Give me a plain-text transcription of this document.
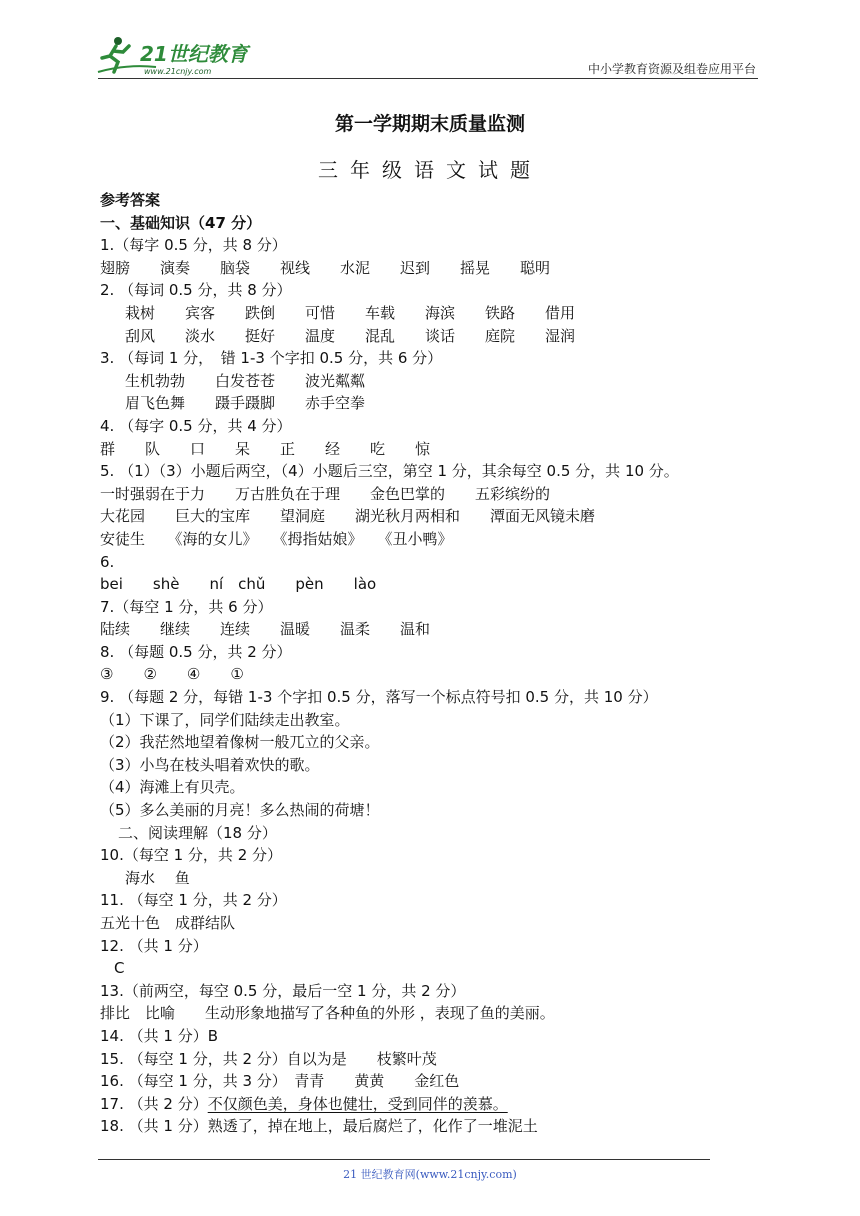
21世纪教育
www.21cnjy.com	中小学教育资源及组卷应用平台
第一学期期末质量监测
三年级语文试题
参考答案
一、基础知识（47 分）
1.（每字 0.5 分，共 8 分）
翅膀　　演奏　　脑袋　　视线　　水泥　　迟到　　摇晃　　聪明
2. （每词 0.5 分，共 8 分）
栽树　　宾客　　跌倒　　可惜　　车载　　海滨　　铁路　　借用
刮风　　淡水　　挺好　　温度　　混乱　　谈话　　庭院　　湿润
3. （每词 1 分，　错 1-3 个字扣 0.5 分，共 6 分）
生机勃勃　　白发苍苍　　波光粼粼
眉飞色舞　　蹑手蹑脚　　赤手空拳
4. （每字 0.5 分，共 4 分）
群　　队　　口　　呆　　正　　经　　吃　　惊
5. （1）（3）小题后两空，（4）小题后三空，第空 1 分，其余每空 0.5 分，共 10 分。
一时强弱在于力　　万古胜负在于理　　金色巴掌的　　五彩缤纷的
大花园　　巨大的宝库　　望洞庭　　湖光秋月两相和　　潭面无风镜未磨
安徒生　　《海的女儿》　　《拇指姑娘》　　《丑小鸭》
6.
bei　　shè　　ní　chǔ　　pèn　　lào
7.（每空 1 分，共 6 分）
陆续　　继续　　连续　　温暖　　温柔　　温和
8. （每题 0.5 分，共 2 分）
③　　②　　④　　①
9. （每题 2 分，每错 1-3 个字扣 0.5 分，落写一个标点符号扣 0.5 分，共 10 分）
（1）下课了，同学们陆续走出教室。
（2）我茫然地望着像树一般兀立的父亲。
（3）小鸟在枝头唱着欢快的歌。
（4）海滩上有贝壳。
（5）多么美丽的月亮！多么热闹的荷塘！
二、阅读理解（18 分）
10.（每空 1 分，共 2 分）
海水　 鱼
11. （每空 1 分，共 2 分）
五光十色　成群结队
12. （共 1 分）
C
13.（前两空，每空 0.5 分，最后一空 1 分，共 2 分）
排比　比喻　　生动形象地描写了各种鱼的外形 ，表现了鱼的美丽。
14. （共 1 分）B
15. （每空 1 分，共 2 分）自以为是　　枝繁叶茂
16. （每空 1 分，共 3 分）　青青　　黄黄　　金红色
17. （共 2 分）不仅颜色美，身体也健壮，受到同伴的羡慕。
18. （共 1 分）熟透了，掉在地上，最后腐烂了，化作了一堆泥土
21 世纪教育网(www.21cnjy.com)
